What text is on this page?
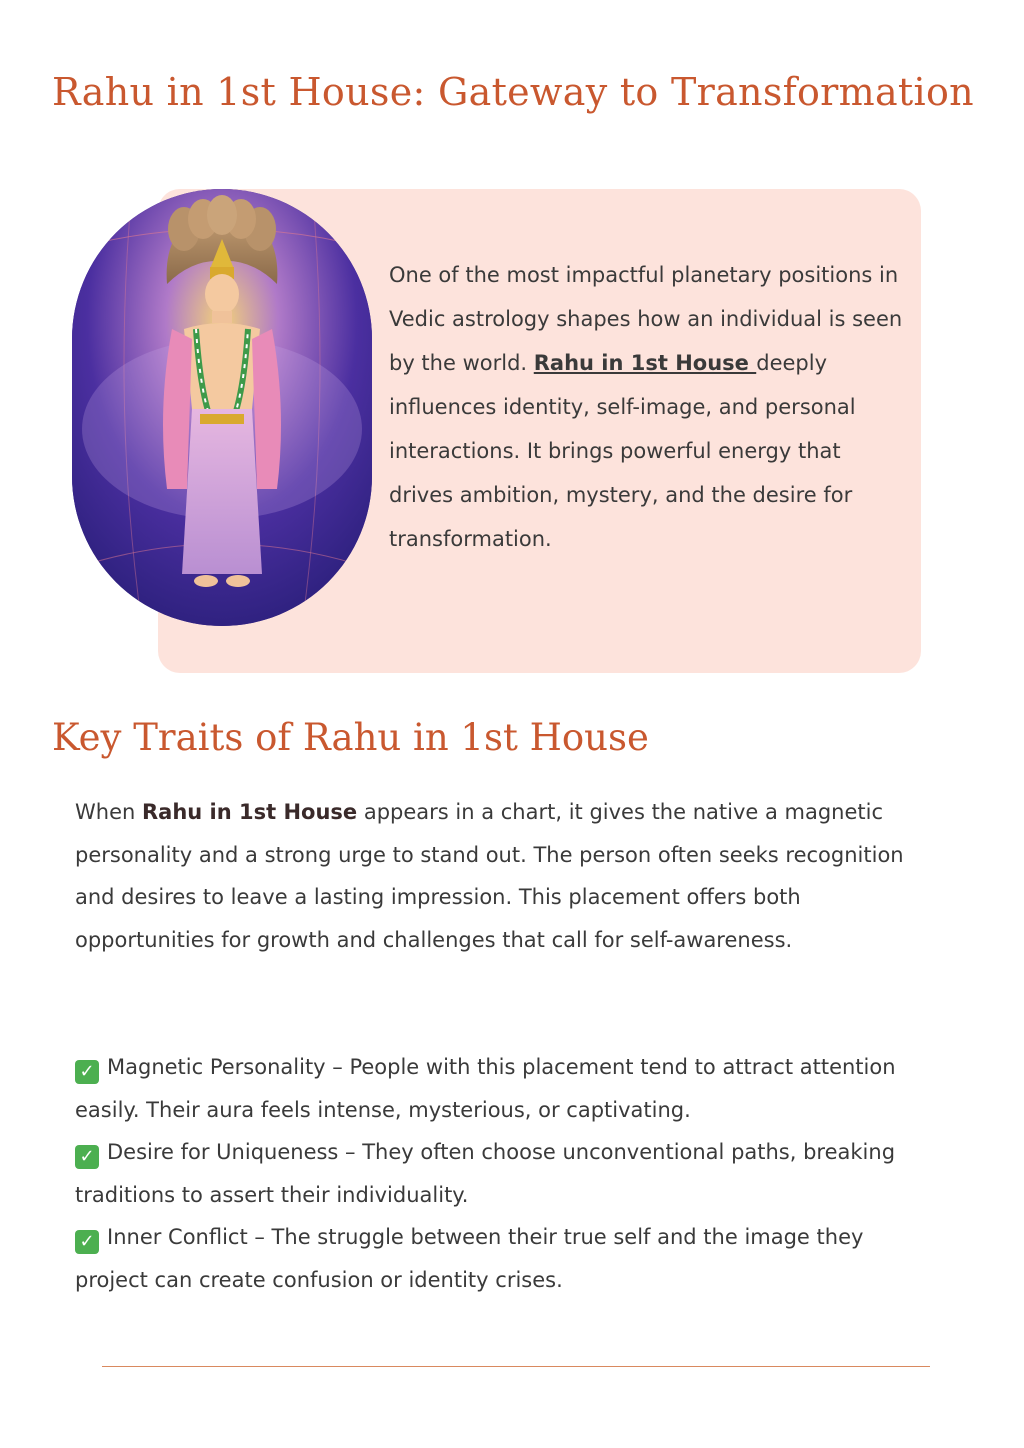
Rahu in 1st House: Gateway to Transformation

One of the most impactful planetary positions in Vedic astrology shapes how an individual is seen by the world. Rahu in 1st House deeply influences identity, self-image, and personal interactions. It brings powerful energy that drives ambition, mystery, and the desire for transformation.

Key Traits of Rahu in 1st House

When Rahu in 1st House appears in a chart, it gives the native a magnetic personality and a strong urge to stand out. The person often seeks recognition and desires to leave a lasting impression. This placement offers both opportunities for growth and challenges that call for self-awareness.

✓ Magnetic Personality – People with this placement tend to attract attention easily. Their aura feels intense, mysterious, or captivating.
✓ Desire for Uniqueness – They often choose unconventional paths, breaking traditions to assert their individuality.
✓ Inner Conflict – The struggle between their true self and the image they project can create confusion or identity crises.
